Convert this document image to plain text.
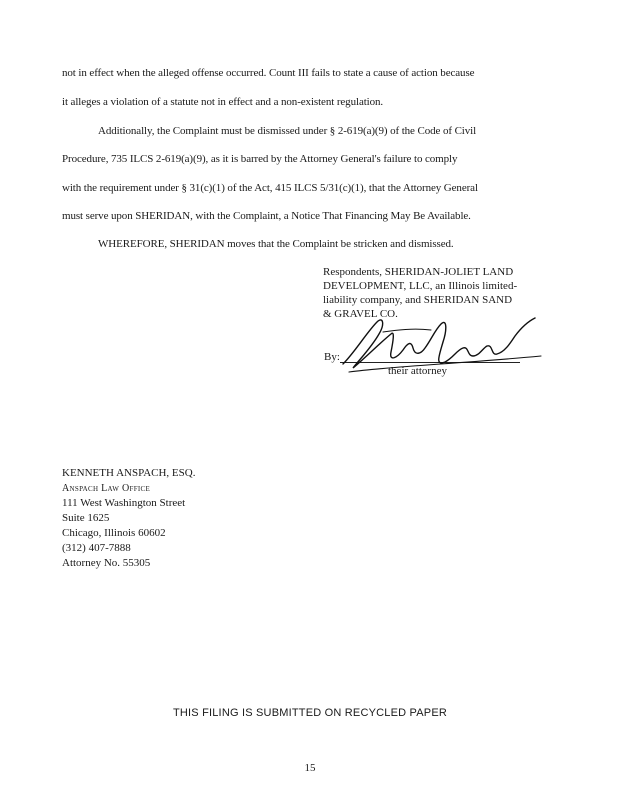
not in effect when the alleged offense occurred. Count III fails to state a cause of action because
it alleges a violation of a statute not in effect and a non-existent regulation.
Additionally, the Complaint must be dismissed under § 2-619(a)(9) of the Code of Civil
Procedure, 735 ILCS 2-619(a)(9), as it is barred by the Attorney General's failure to comply
with the requirement under § 31(c)(1) of the Act, 415 ILCS 5/31(c)(1), that the Attorney General
must serve upon SHERIDAN, with the Complaint, a Notice That Financing May Be Available.
WHEREFORE, SHERIDAN moves that the Complaint be stricken and dismissed.
Respondents, SHERIDAN-JOLIET LAND
DEVELOPMENT, LLC, an Illinois limited-
liability company, and SHERIDAN SAND
& GRAVEL CO.
By:
their attorney
KENNETH ANSPACH, ESQ.
Anspach Law Office
111 West Washington Street
Suite 1625
Chicago, Illinois 60602
(312) 407-7888
Attorney No. 55305
THIS FILING IS SUBMITTED ON RECYCLED PAPER
15
